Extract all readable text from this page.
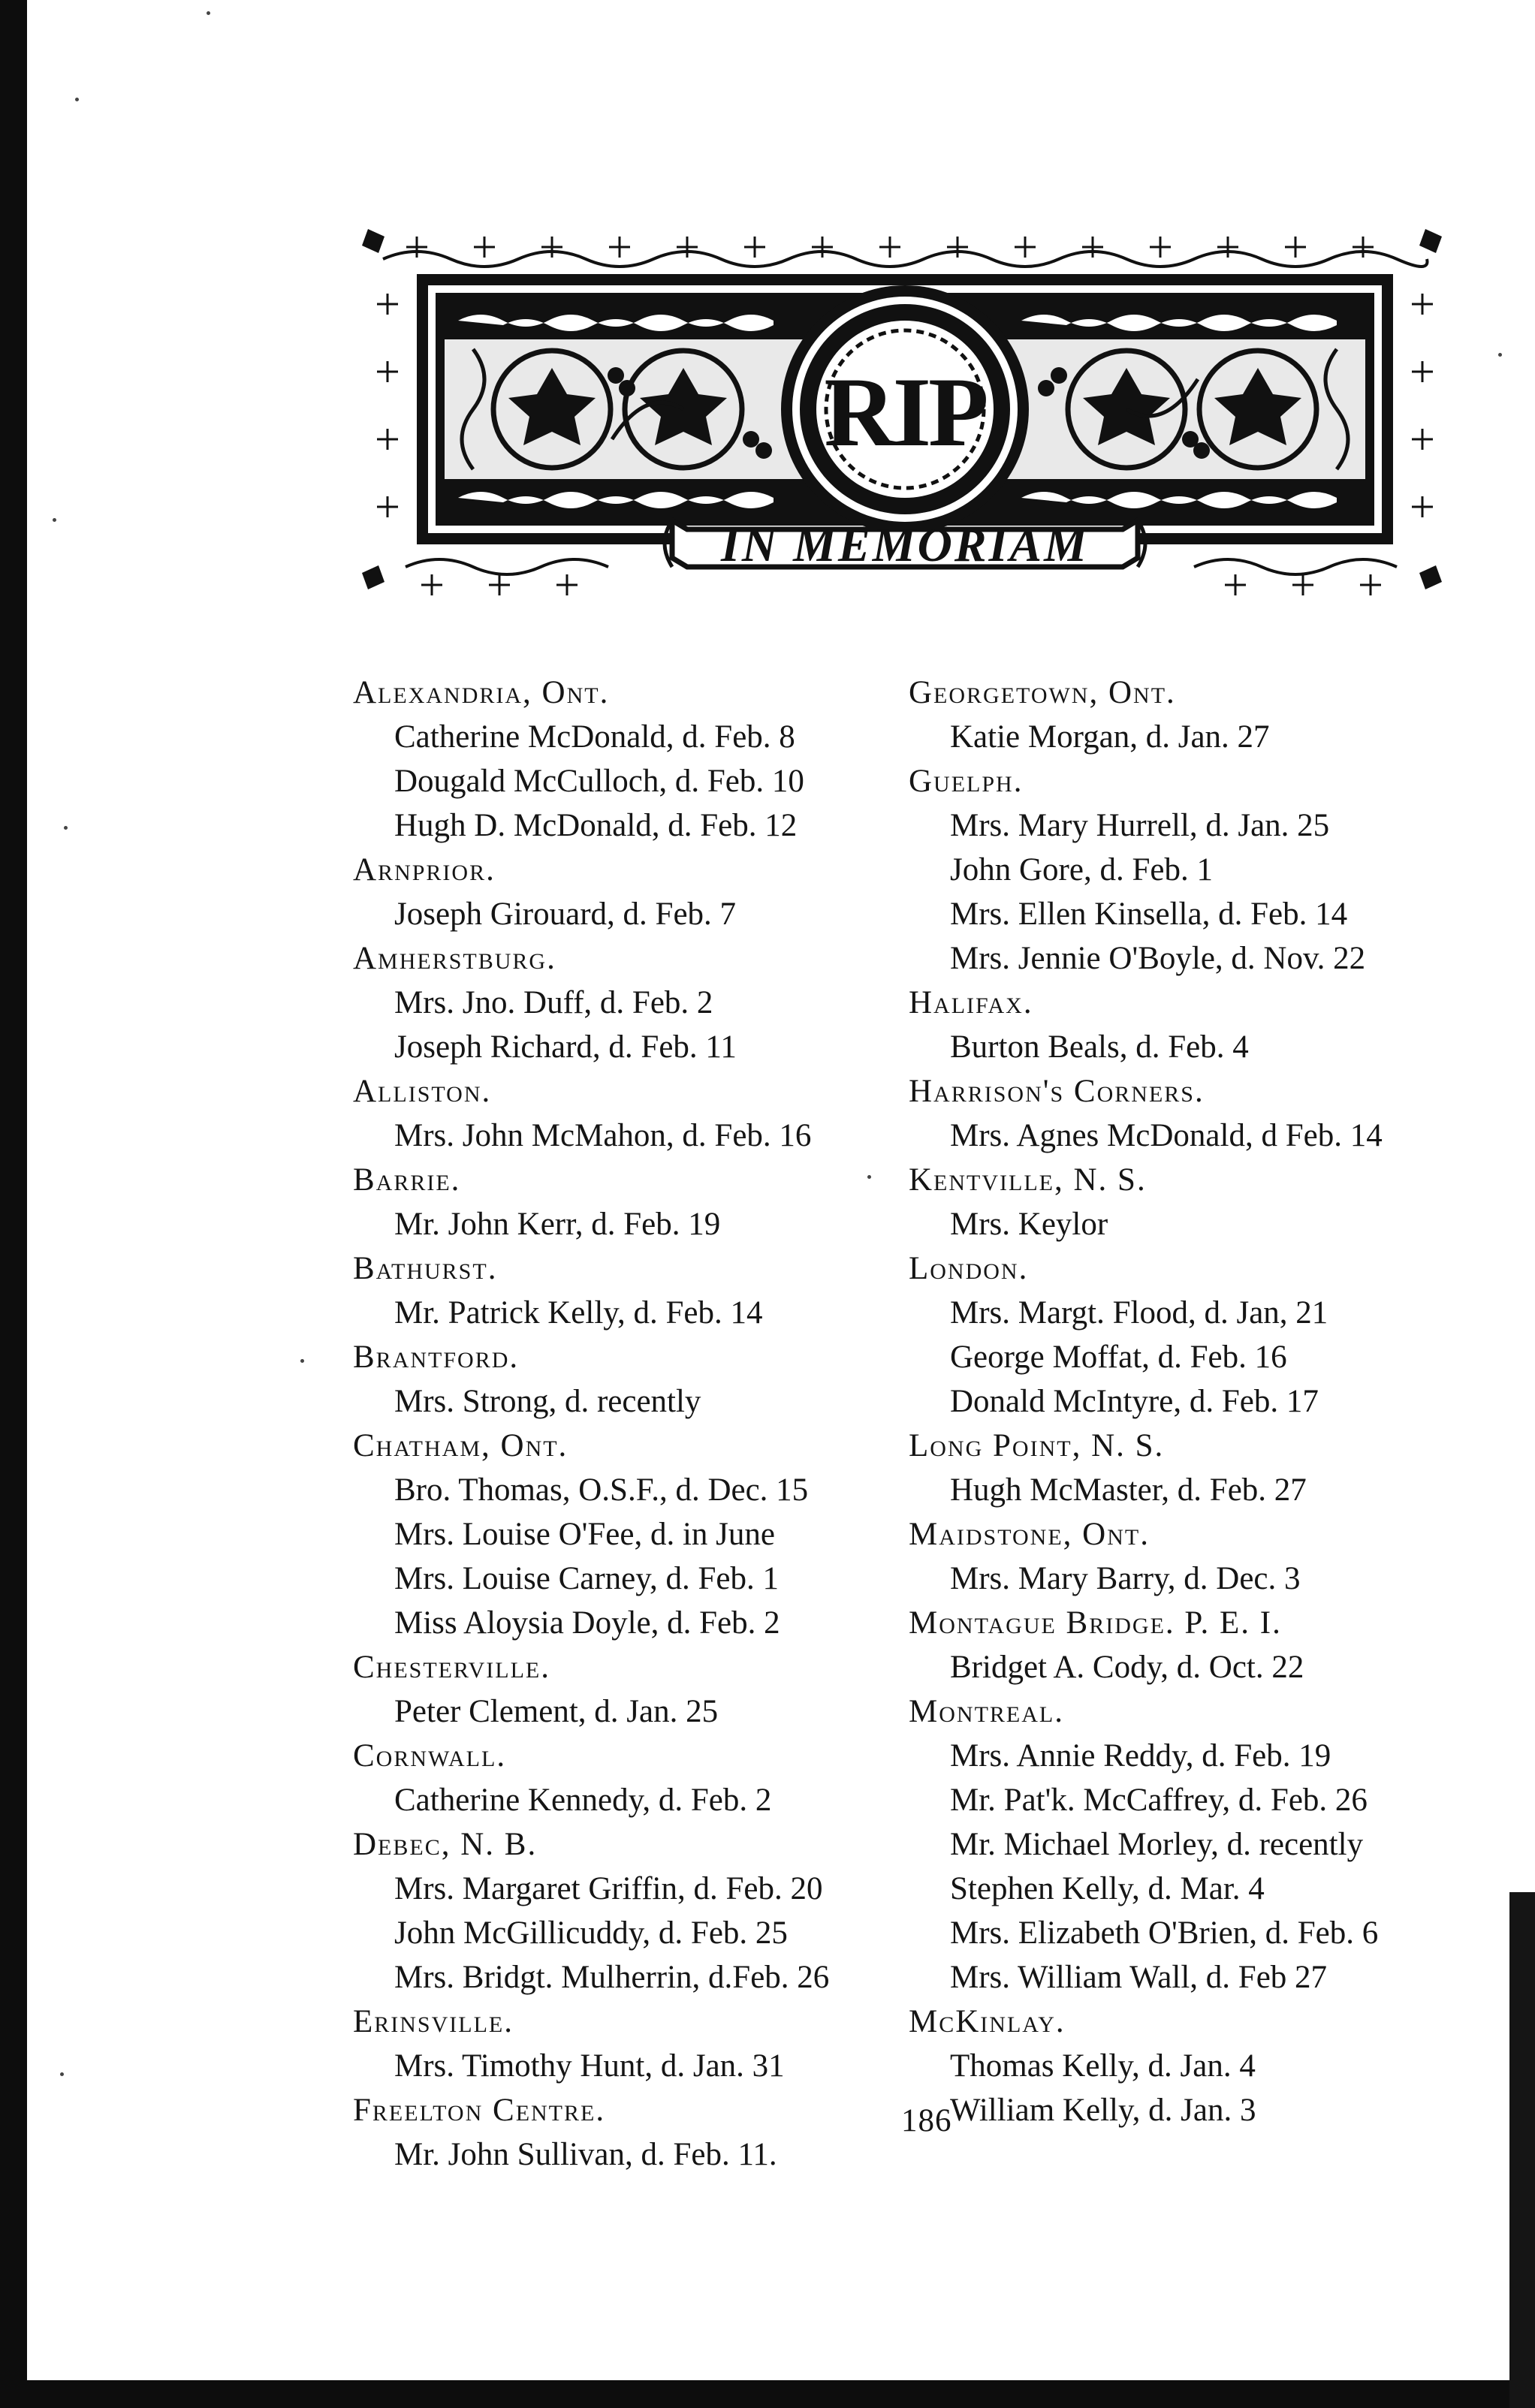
RIP
IN MEMORIAM
Alexandria, Ont.
Catherine McDonald, d. Feb. 8
Dougald McCulloch, d. Feb. 10
Hugh D. McDonald, d. Feb. 12
Arnprior.
Joseph Girouard, d. Feb. 7
Amherstburg.
Mrs. Jno. Duff, d. Feb. 2
Joseph Richard, d. Feb. 11
Alliston.
Mrs. John McMahon, d. Feb. 16
Barrie.
Mr. John Kerr, d. Feb. 19
Bathurst.
Mr. Patrick Kelly, d. Feb. 14
Brantford.
Mrs. Strong, d. recently
Chatham, Ont.
Bro. Thomas, O.S.F., d. Dec. 15
Mrs. Louise O'Fee, d. in June
Mrs. Louise Carney, d. Feb. 1
Miss Aloysia Doyle, d. Feb. 2
Chesterville.
Peter Clement, d. Jan. 25
Cornwall.
Catherine Kennedy, d. Feb. 2
Debec, N. B.
Mrs. Margaret Griffin, d. Feb. 20
John McGillicuddy, d. Feb. 25
Mrs. Bridgt. Mulherrin, d.Feb. 26
Erinsville.
Mrs. Timothy Hunt, d. Jan. 31
Freelton Centre.
Mr. John Sullivan, d. Feb. 11.
Georgetown, Ont.
Katie Morgan, d. Jan. 27
Guelph.
Mrs. Mary Hurrell, d. Jan. 25
John Gore, d. Feb. 1
Mrs. Ellen Kinsella, d. Feb. 14
Mrs. Jennie O'Boyle, d. Nov. 22
Halifax.
Burton Beals, d. Feb. 4
Harrison's Corners.
Mrs. Agnes McDonald, d Feb. 14
Kentville, N. S.
Mrs. Keylor
London.
Mrs. Margt. Flood, d. Jan, 21
George Moffat, d. Feb. 16
Donald McIntyre, d. Feb. 17
Long Point, N. S.
Hugh McMaster, d. Feb. 27
Maidstone, Ont.
Mrs. Mary Barry, d. Dec. 3
Montague Bridge. P. E. I.
Bridget A. Cody, d. Oct. 22
Montreal.
Mrs. Annie Reddy, d. Feb. 19
Mr. Pat'k. McCaffrey, d. Feb. 26
Mr. Michael Morley, d. recently
Stephen Kelly, d. Mar. 4
Mrs. Elizabeth O'Brien, d. Feb. 6
Mrs. William Wall, d. Feb 27
McKinlay.
Thomas Kelly, d. Jan. 4
William Kelly, d. Jan. 3
186
